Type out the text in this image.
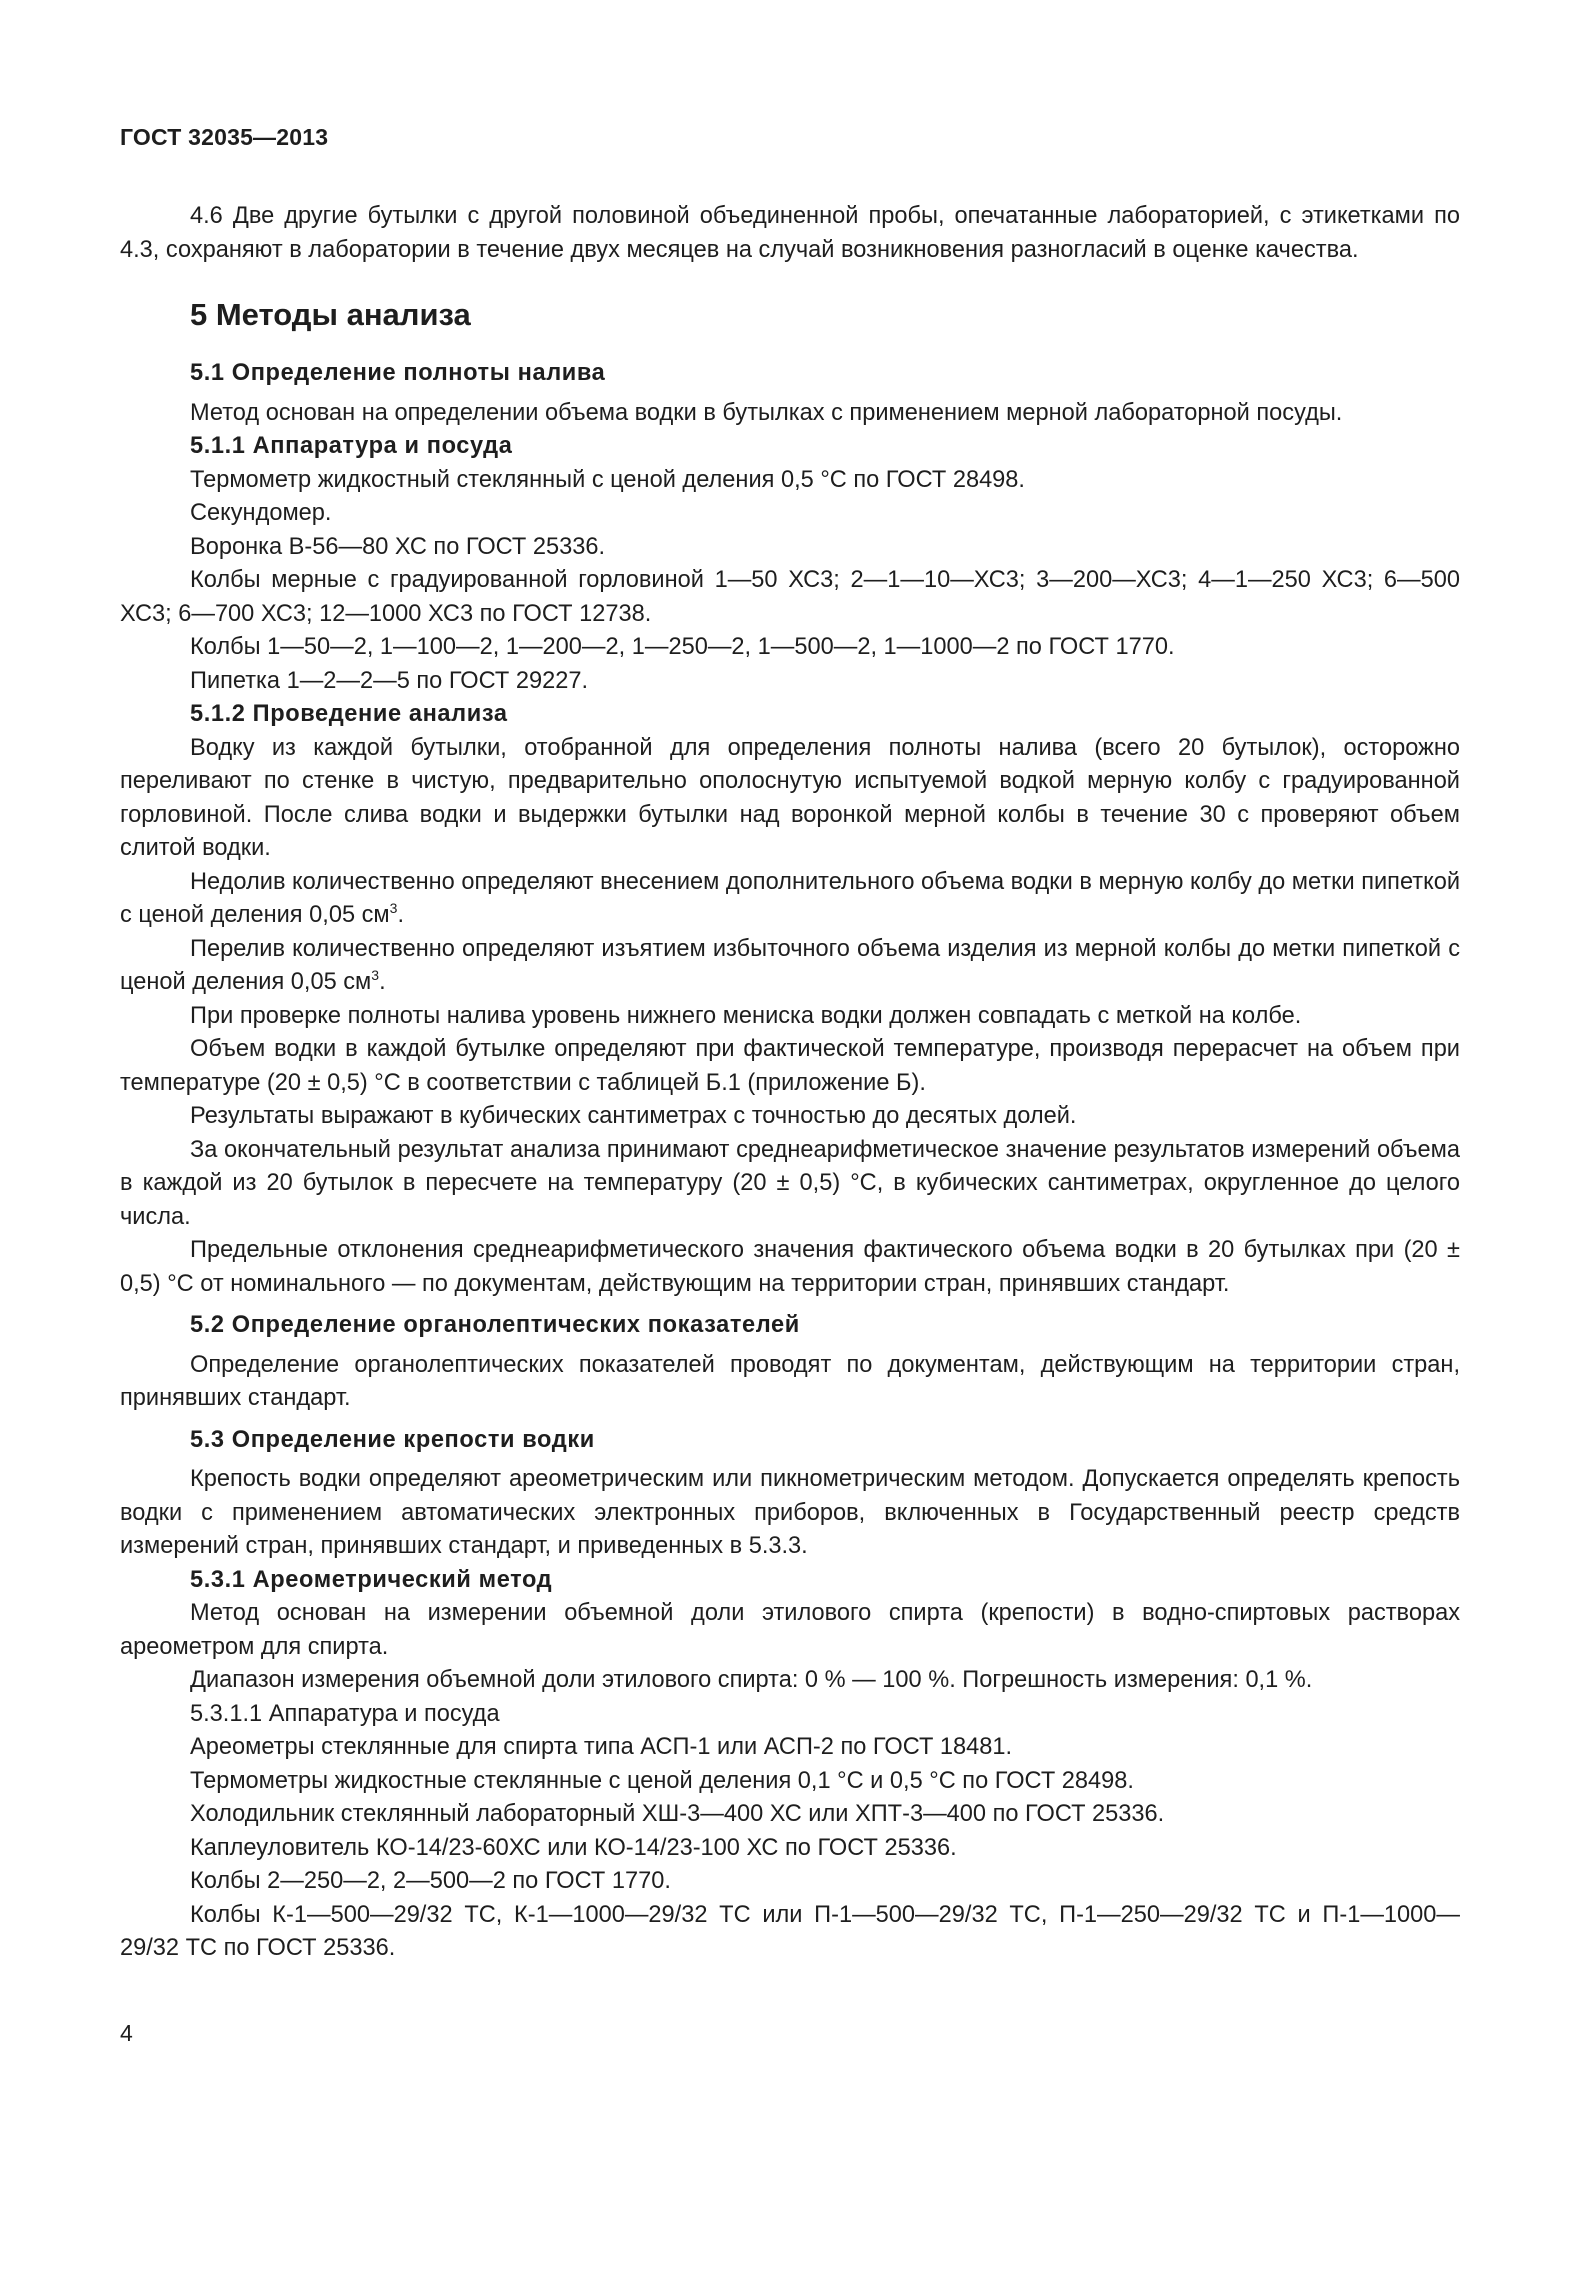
ГОСТ 32035—2013

4.6 Две другие бутылки с другой половиной объединенной пробы, опечатанные лабораторией, с этикетками по 4.3, сохраняют в лаборатории в течение двух месяцев на случай возникновения разногласий в оценке качества.

5 Методы анализа

5.1 Определение полноты налива

Метод основан на определении объема водки в бутылках с применением мерной лабораторной посуды.

5.1.1 Аппаратура и посуда

Термометр жидкостный стеклянный с ценой деления 0,5 °С по ГОСТ 28498.

Секундомер.

Воронка В-56—80 ХС по ГОСТ 25336.

Колбы мерные с градуированной горловиной 1—50 ХС3; 2—1—10—ХС3; 3—200—ХС3; 4—1—250 ХС3; 6—500 ХС3; 6—700 ХС3; 12—1000 ХС3 по ГОСТ 12738.

Колбы 1—50—2, 1—100—2, 1—200—2, 1—250—2, 1—500—2, 1—1000—2 по ГОСТ 1770.

Пипетка 1—2—2—5 по ГОСТ 29227.

5.1.2 Проведение анализа

Водку из каждой бутылки, отобранной для определения полноты налива (всего 20 бутылок), осторожно переливают по стенке в чистую, предварительно ополоснутую испытуемой водкой мерную колбу с градуированной горловиной. После слива водки и выдержки бутылки над воронкой мерной колбы в течение 30 с проверяют объем слитой водки.

Недолив количественно определяют внесением дополнительного объема водки в мерную колбу до метки пипеткой с ценой деления 0,05 $см^3$.

Перелив количественно определяют изъятием избыточного объема изделия из мерной колбы до метки пипеткой с ценой деления 0,05 $см^3$.

При проверке полноты налива уровень нижнего мениска водки должен совпадать с меткой на колбе.

Объем водки в каждой бутылке определяют при фактической температуре, производя перерасчет на объем при температуре (20 ± 0,5) °С в соответствии с таблицей Б.1 (приложение Б).

Результаты выражают в кубических сантиметрах с точностью до десятых долей.

За окончательный результат анализа принимают среднеарифметическое значение результатов измерений объема в каждой из 20 бутылок в пересчете на температуру (20 ± 0,5) °С, в кубических сантиметрах, округленное до целого числа.

Предельные отклонения среднеарифметического значения фактического объема водки в 20 бутылках при (20 ± 0,5) °С от номинального — по документам, действующим на территории стран, принявших стандарт.

5.2 Определение органолептических показателей

Определение органолептических показателей проводят по документам, действующим на территории стран, принявших стандарт.

5.3 Определение крепости водки

Крепость водки определяют ареометрическим или пикнометрическим методом. Допускается определять крепость водки с применением автоматических электронных приборов, включенных в Государственный реестр средств измерений стран, принявших стандарт, и приведенных в 5.3.3.

5.3.1 Ареометрический метод

Метод основан на измерении объемной доли этилового спирта (крепости) в водно-спиртовых растворах ареометром для спирта.

Диапазон измерения объемной доли этилового спирта: 0 % — 100 %. Погрешность измерения: 0,1 %.

5.3.1.1 Аппаратура и посуда

Ареометры стеклянные для спирта типа АСП-1 или АСП-2 по ГОСТ 18481.

Термометры жидкостные стеклянные с ценой деления 0,1 °С и 0,5 °С по ГОСТ 28498.

Холодильник стеклянный лабораторный ХШ-3—400 ХС или ХПТ-3—400 по ГОСТ 25336.

Каплеуловитель КО-14/23-60ХС или КО-14/23-100 ХС по ГОСТ 25336.

Колбы 2—250—2, 2—500—2 по ГОСТ 1770.

Колбы К-1—500—29/32 ТС, К-1—1000—29/32 ТС или П-1—500—29/32 ТС, П-1—250—29/32 ТС и П-1—1000—29/32 ТС по ГОСТ 25336.

4
